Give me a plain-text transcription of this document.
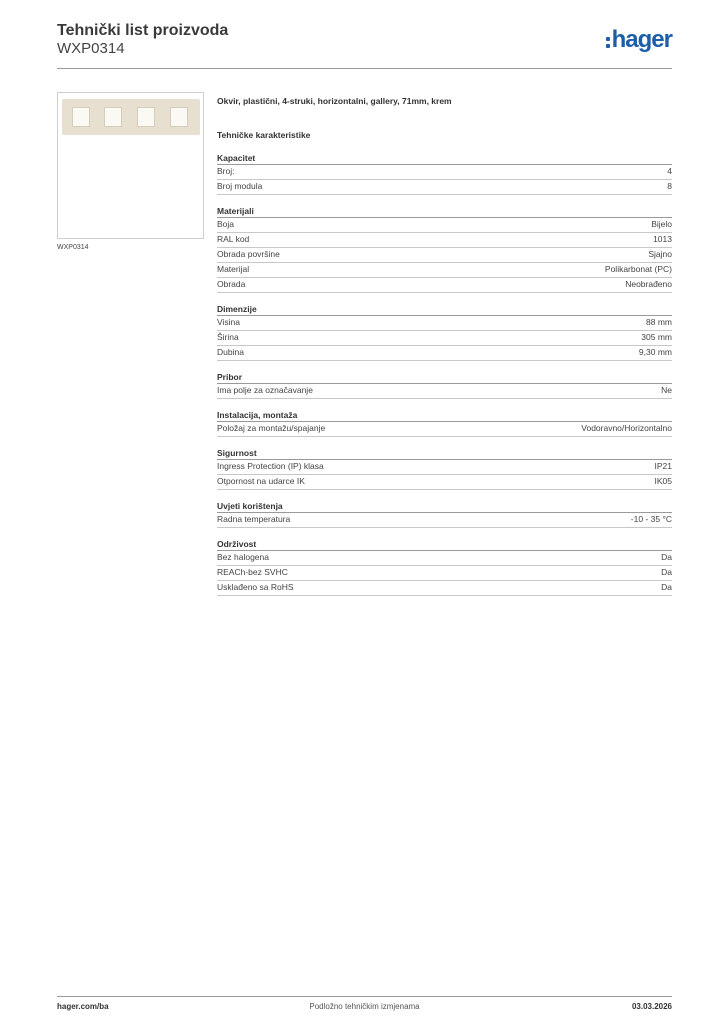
Tehnički list proizvoda
WXP0314	hager
WXP0314
Okvir, plastični, 4-struki, horizontalni, gallery, 71mm, krem
Tehničke karakteristike
Kapacitet
Broj:	4
Broj modula	8
Materijali
Boja	Bijelo
RAL kod	1013
Obrada površine	Sjajno
Materijal	Polikarbonat (PC)
Obrada	Neobrađeno
Dimenzije
Visina	88 mm
Širina	305 mm
Dubina	9,30 mm
Pribor
Ima polje za označavanje	Ne
Instalacija, montaža
Položaj za montažu/spajanje	Vodoravno/Horizontalno
Sigurnost
Ingress Protection (IP) klasa	IP21
Otpornost na udarce IK	IK05
Uvjeti korištenja
Radna temperatura	-10 - 35 °C
Održivost
Bez halogena	Da
REACh-bez SVHC	Da
Usklađeno sa RoHS	Da
hager.com/ba	Podložno tehničkim izmjenama	03.03.2026
